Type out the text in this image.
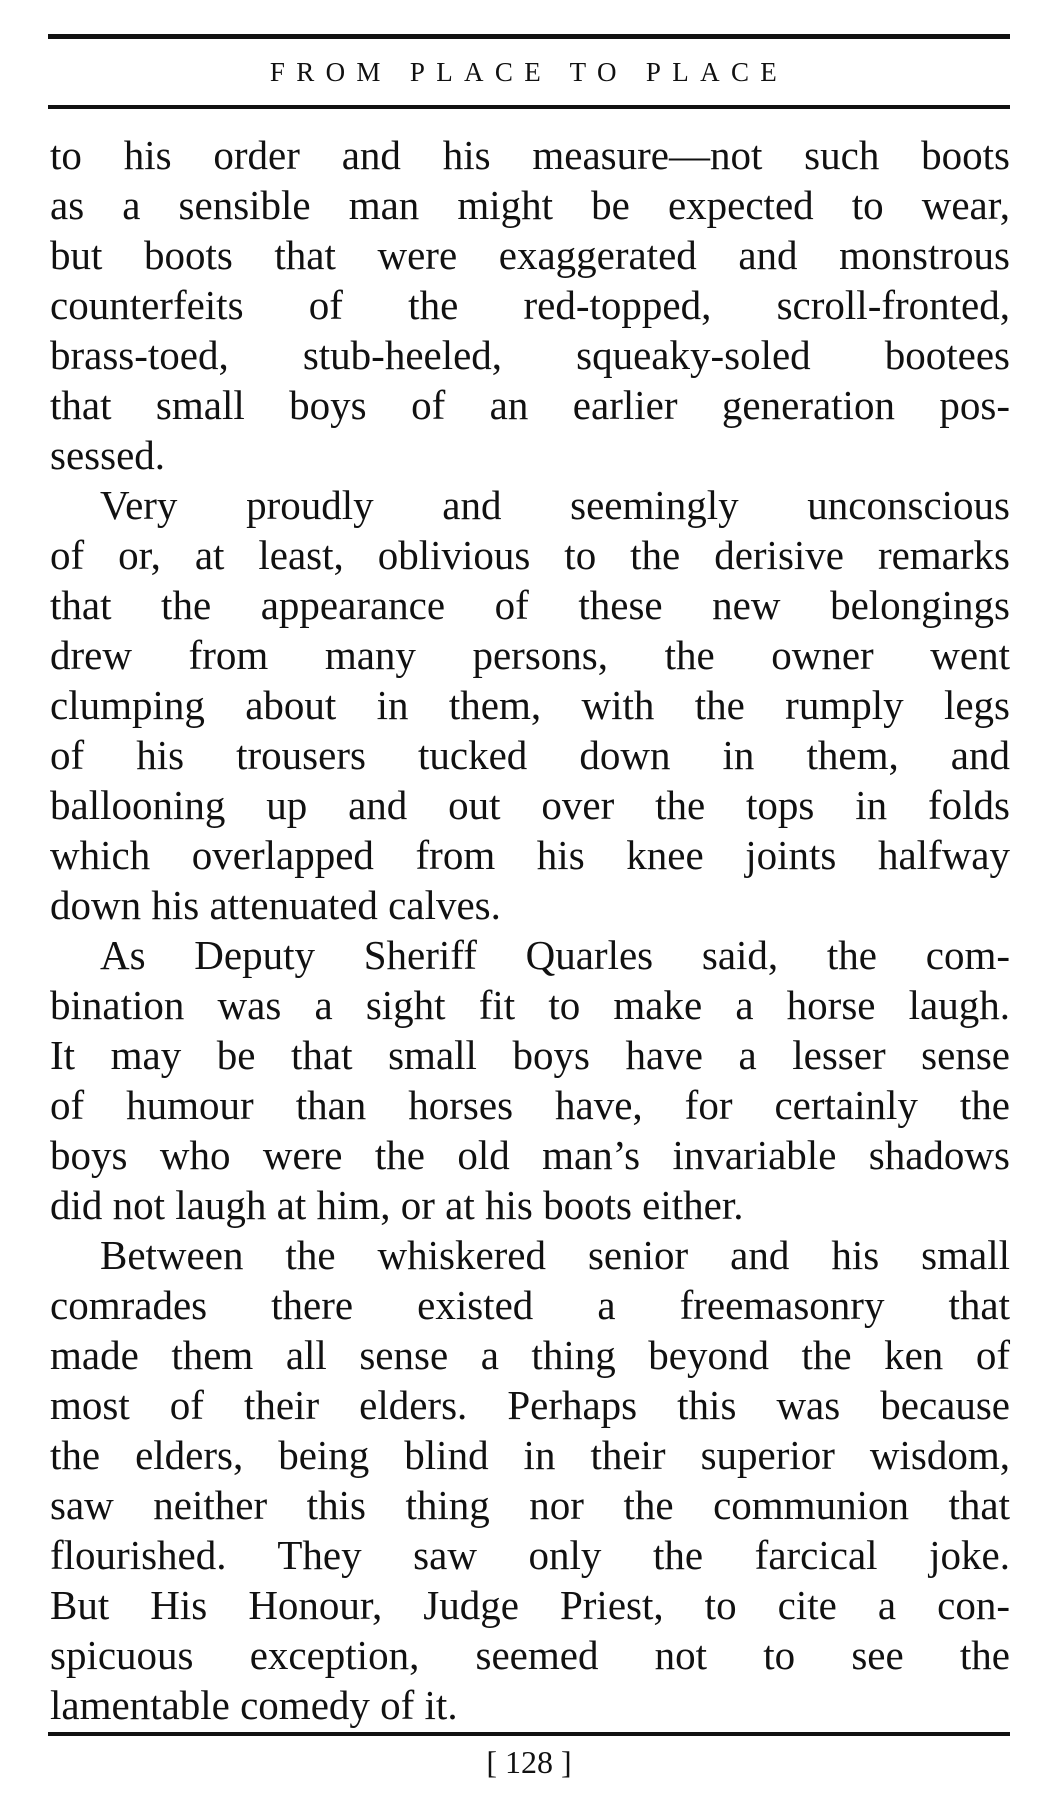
FROM PLACE TO PLACE
to his order and his measure—not such boots
as a sensible man might be expected to wear,
but boots that were exaggerated and monstrous
counterfeits of the red-topped, scroll-fronted,
brass-toed, stub-heeled, squeaky-soled bootees
that small boys of an earlier generation pos-
sessed.
Very proudly and seemingly unconscious
of or, at least, oblivious to the derisive remarks
that the appearance of these new belongings
drew from many persons, the owner went
clumping about in them, with the rumply legs
of his trousers tucked down in them, and
ballooning up and out over the tops in folds
which overlapped from his knee joints halfway
down his attenuated calves.
As Deputy Sheriff Quarles said, the com-
bination was a sight fit to make a horse laugh.
It may be that small boys have a lesser sense
of humour than horses have, for certainly the
boys who were the old man’s invariable shadows
did not laugh at him, or at his boots either.
Between the whiskered senior and his small
comrades there existed a freemasonry that
made them all sense a thing beyond the ken of
most of their elders. Perhaps this was because
the elders, being blind in their superior wisdom,
saw neither this thing nor the communion that
flourished. They saw only the farcical joke.
But His Honour, Judge Priest, to cite a con-
spicuous exception, seemed not to see the
lamentable comedy of it.
[ 128 ]
